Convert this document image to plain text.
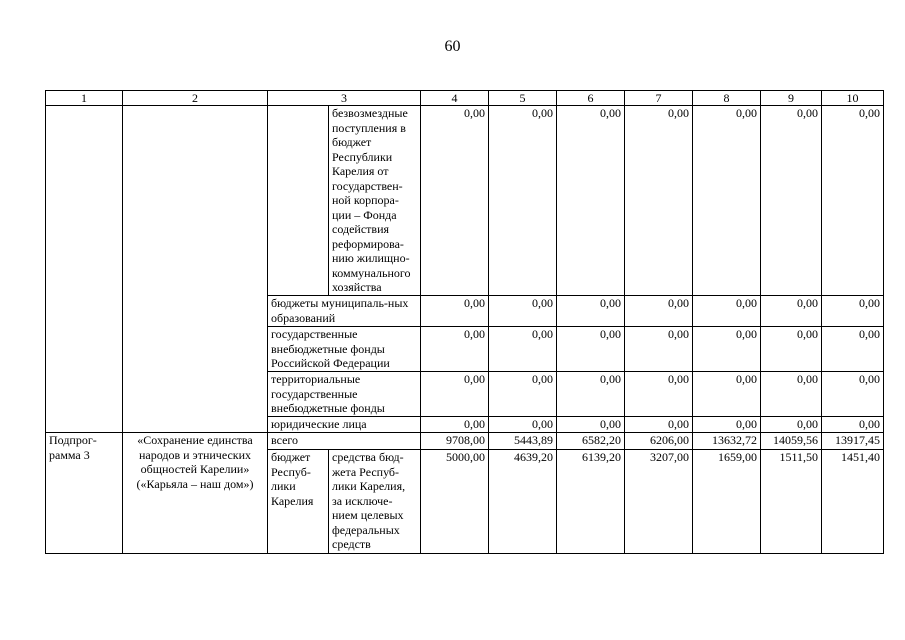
60
1	2	3		4	5	6	7	8	9	10
			безвозмездные поступления в бюджет Республики Карелия от государствен-ной корпора-ции – Фонда содействия реформирова-нию жилищно-коммунального хозяйства	0,00	0,00	0,00	0,00	0,00	0,00	0,00
		бюджеты муниципаль-ных образований		0,00	0,00	0,00	0,00	0,00	0,00	0,00
		государственные внебюджетные фонды Российской Федерации		0,00	0,00	0,00	0,00	0,00	0,00	0,00
		территориальные государственные внебюджетные фонды		0,00	0,00	0,00	0,00	0,00	0,00	0,00
		юридические лица		0,00	0,00	0,00	0,00	0,00	0,00	0,00
Подпрог-рамма 3	«Сохранение единства народов и этнических общностей Карелии» («Карьяла – наш дом»)	всего		9708,00	5443,89	6582,20	6206,00	13632,72	14059,56	13917,45
		бюджет Респуб-лики Карелия	средства бюд-жета Респуб-лики Карелия, за исключе-нием целевых федеральных средств	5000,00	4639,20	6139,20	3207,00	1659,00	1511,50	1451,40
